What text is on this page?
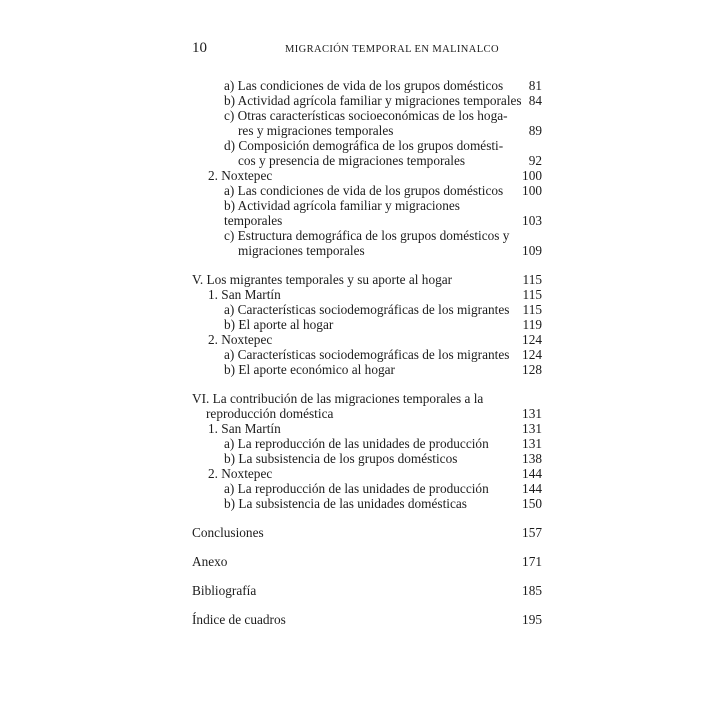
10	MIGRACIÓN TEMPORAL EN MALINALCO
a) Las condiciones de vida de los grupos domésticos	81
b) Actividad agrícola familiar y migraciones temporales 84
c) Otras características socioeconómicas de los hoga-
res y migraciones temporales	89
d) Composición demográfica de los grupos domésti-
cos y presencia de migraciones temporales	92
2. Noxtepec	100
a) Las condiciones de vida de los grupos domésticos	100
b) Actividad agrícola familiar y migraciones temporales	103
c) Estructura demográfica de los grupos domésticos y
migraciones temporales	109
V. Los migrantes temporales y su aporte al hogar	115
1. San Martín	115
a) Características sociodemográficas de los migrantes 115
b) El aporte al hogar	119
2. Noxtepec	124
a) Características sociodemográficas de los migrantes 124
b) El aporte económico al hogar	128
VI. La contribución de las migraciones temporales a la
reproducción doméstica	131
1. San Martín	131
a) La reproducción de las unidades de producción	131
b) La subsistencia de los grupos domésticos	138
2. Noxtepec	144
a) La reproducción de las unidades de producción	144
b) La subsistencia de las unidades domésticas	150
Conclusiones	157
Anexo	171
Bibliografía	185
Índice de cuadros	195
